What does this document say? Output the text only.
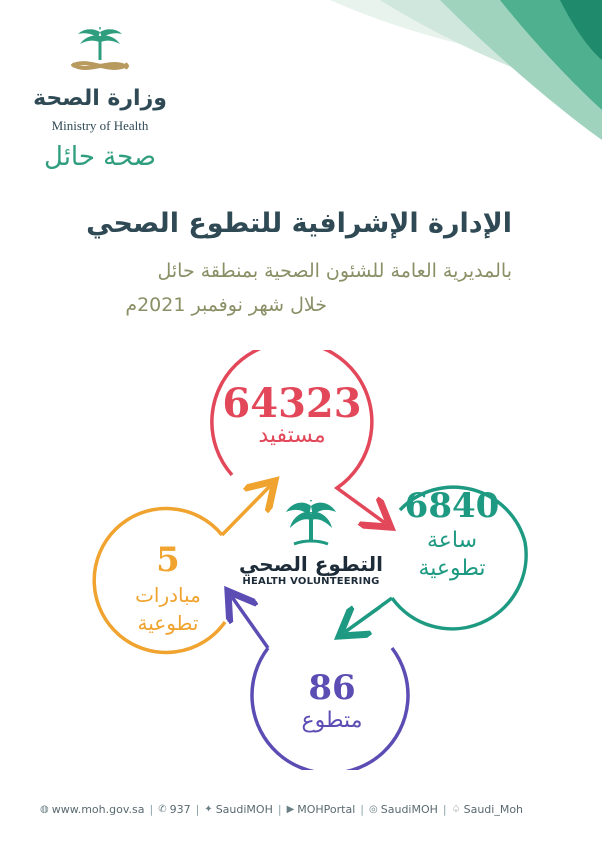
وزارة الصحة
Ministry of Health
صحة حائل
الإدارة الإشرافية للتطوع الصحي
بالمديرية العامة للشئون الصحية بمنطقة حائل
خلال شهر نوفمبر 2021م
64323
مستفيد
6840
ساعة
تطوعية
5
مبادرات
تطوعية
86
متطوع
التطوع الصحي
HEALTH VOLUNTEERING
◍ www.moh.gov.sa | ✆ 937 | ✦ SaudiMOH | ▶ MOHPortal | ◎ SaudiMOH | ♤ Saudi_Moh
